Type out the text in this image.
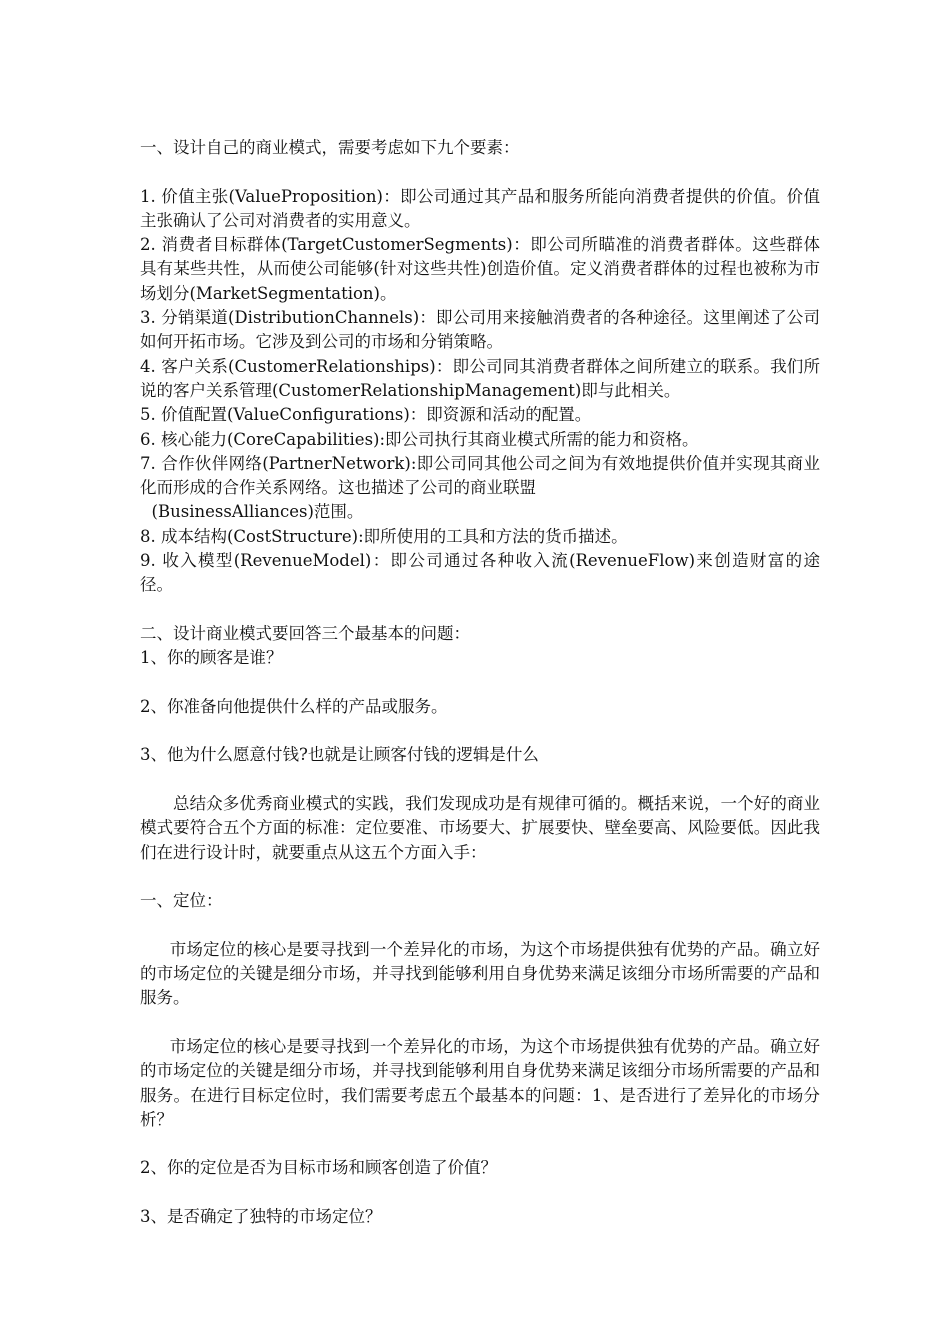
一、设计自己的商业模式，需要考虑如下九个要素：

1. 价值主张(ValueProposition)：即公司通过其产品和服务所能向消费者提供的价值。价值主张确认了公司对消费者的实用意义。

2. 消费者目标群体(TargetCustomerSegments)：即公司所瞄准的消费者群体。这些群体具有某些共性，从而使公司能够(针对这些共性)创造价值。定义消费者群体的过程也被称为市场划分(MarketSegmentation)。

3. 分销渠道(DistributionChannels)：即公司用来接触消费者的各种途径。这里阐述了公司如何开拓市场。它涉及到公司的市场和分销策略。

4. 客户关系(CustomerRelationships)：即公司同其消费者群体之间所建立的联系。我们所说的客户关系管理(CustomerRelationshipManagement)即与此相关。

5. 价值配置(ValueConfigurations)：即资源和活动的配置。

6. 核心能力(CoreCapabilities):即公司执行其商业模式所需的能力和资格。

7. 合作伙伴网络(PartnerNetwork):即公司同其他公司之间为有效地提供价值并实现其商业化而形成的合作关系网络。这也描述了公司的商业联盟

(BusinessAlliances)范围。

8. 成本结构(CostStructure):即所使用的工具和方法的货币描述。

9. 收入模型(RevenueModel)：即公司通过各种收入流(RevenueFlow)来创造财富的途径。

二、设计商业模式要回答三个最基本的问题：

1、你的顾客是谁？

2、你准备向他提供什么样的产品或服务。

3、他为什么愿意付钱?也就是让顾客付钱的逻辑是什么

总结众多优秀商业模式的实践，我们发现成功是有规律可循的。概括来说，一个好的商业模式要符合五个方面的标准：定位要准、市场要大、扩展要快、壁垒要高、风险要低。因此我们在进行设计时，就要重点从这五个方面入手：

一、定位：

市场定位的核心是要寻找到一个差异化的市场，为这个市场提供独有优势的产品。确立好的市场定位的关键是细分市场，并寻找到能够利用自身优势来满足该细分市场所需要的产品和服务。

市场定位的核心是要寻找到一个差异化的市场，为这个市场提供独有优势的产品。确立好的市场定位的关键是细分市场，并寻找到能够利用自身优势来满足该细分市场所需要的产品和服务。在进行目标定位时，我们需要考虑五个最基本的问题：1、是否进行了差异化的市场分析？

2、你的定位是否为目标市场和顾客创造了价值？

3、是否确定了独特的市场定位？
